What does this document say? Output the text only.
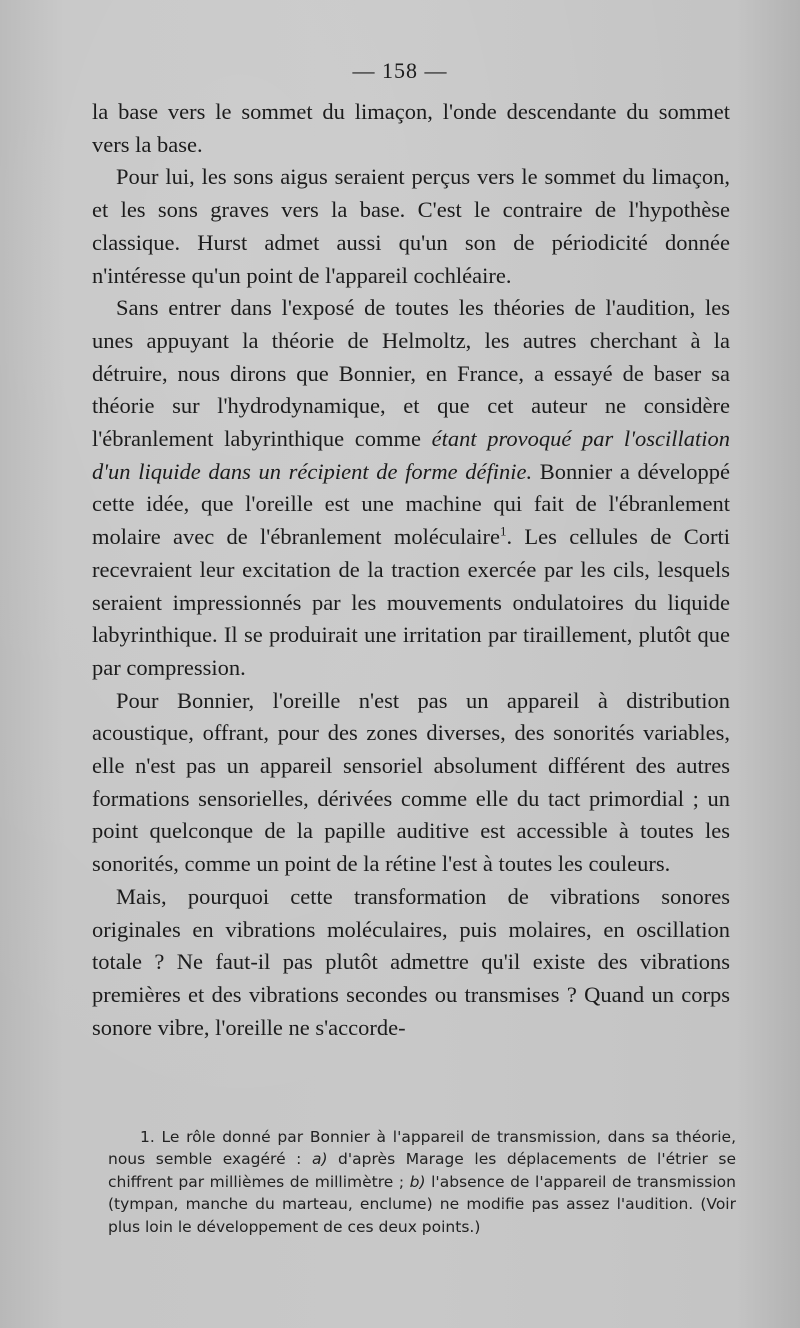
— 158 —

la base vers le sommet du limaçon, l'onde descendante du sommet vers la base.

Pour lui, les sons aigus seraient perçus vers le sommet du limaçon, et les sons graves vers la base. C'est le contraire de l'hypothèse classique. Hurst admet aussi qu'un son de périodicité donnée n'intéresse qu'un point de l'appareil cochléaire.

Sans entrer dans l'exposé de toutes les théories de l'audition, les unes appuyant la théorie de Helmoltz, les autres cherchant à la détruire, nous dirons que Bonnier, en France, a essayé de baser sa théorie sur l'hydrodynamique, et que cet auteur ne considère l'ébranlement labyrinthique comme étant provoqué par l'oscillation d'un liquide dans un récipient de forme définie. Bonnier a développé cette idée, que l'oreille est une machine qui fait de l'ébranlement molaire avec de l'ébranlement moléculaire$^1$. Les cellules de Corti recevraient leur excitation de la traction exercée par les cils, lesquels seraient impressionnés par les mouvements ondulatoires du liquide labyrinthique. Il se produirait une irritation par tiraillement, plutôt que par compression.

Pour Bonnier, l'oreille n'est pas un appareil à distribution acoustique, offrant, pour des zones diverses, des sonorités variables, elle n'est pas un appareil sensoriel absolument différent des autres formations sensorielles, dérivées comme elle du tact primordial ; un point quelconque de la papille auditive est accessible à toutes les sonorités, comme un point de la rétine l'est à toutes les couleurs.

Mais, pourquoi cette transformation de vibrations sonores originales en vibrations moléculaires, puis molaires, en oscillation totale ? Ne faut-il pas plutôt admettre qu'il existe des vibrations premières et des vibrations secondes ou transmises ? Quand un corps sonore vibre, l'oreille ne s'accorde-

1. Le rôle donné par Bonnier à l'appareil de transmission, dans sa théorie, nous semble exagéré : a) d'après Marage les déplacements de l'étrier se chiffrent par millièmes de millimètre ; b) l'absence de l'appareil de transmission (tympan, manche du marteau, enclume) ne modifie pas assez l'audition. (Voir plus loin le développement de ces deux points.)
